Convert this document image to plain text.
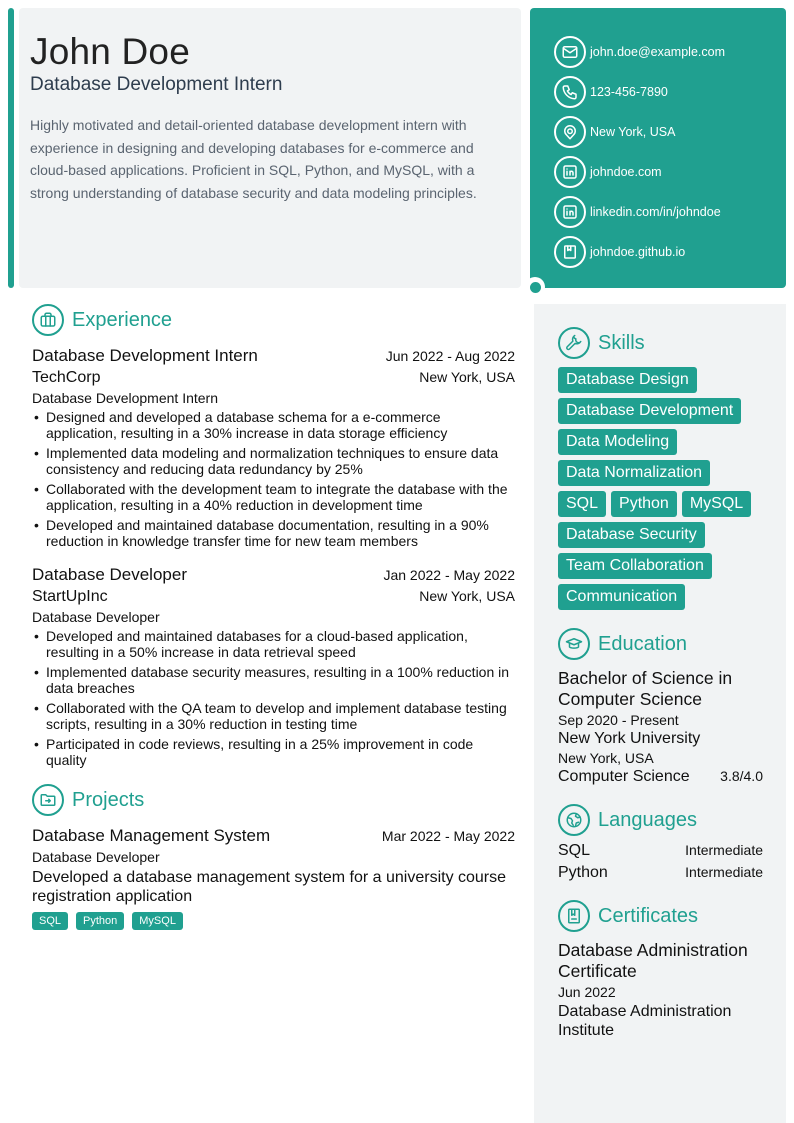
John Doe
Database Development Intern
Highly motivated and detail-oriented database development intern with experience in designing and developing databases for e-commerce and cloud-based applications. Proficient in SQL, Python, and MySQL, with a strong understanding of database security and data modeling principles.
john.doe@example.com
123-456-7890
New York, USA
johndoe.com
linkedin.com/in/johndoe
johndoe.github.io
Experience
Database Development Intern	Jun 2022 - Aug 2022
TechCorp	New York, USA
Database Development Intern
• Designed and developed a database schema for a e-commerce application, resulting in a 30% increase in data storage efficiency
• Implemented data modeling and normalization techniques to ensure data consistency and reducing data redundancy by 25%
• Collaborated with the development team to integrate the database with the application, resulting in a 40% reduction in development time
• Developed and maintained database documentation, resulting in a 90% reduction in knowledge transfer time for new team members
Database Developer	Jan 2022 - May 2022
StartUpInc	New York, USA
Database Developer
• Developed and maintained databases for a cloud-based application, resulting in a 50% increase in data retrieval speed
• Implemented database security measures, resulting in a 100% reduction in data breaches
• Collaborated with the QA team to develop and implement database testing scripts, resulting in a 30% reduction in testing time
• Participated in code reviews, resulting in a 25% improvement in code quality
Projects
Database Management System	Mar 2022 - May 2022
Database Developer
Developed a database management system for a university course registration application
SQL	Python	MySQL
Skills
Database Design
Database Development
Data Modeling
Data Normalization
SQL	Python	MySQL
Database Security
Team Collaboration
Communication
Education
Bachelor of Science in Computer Science
Sep 2020 - Present
New York University
New York, USA
Computer Science 3.8/4.0
Languages
SQL	Intermediate
Python	Intermediate
Certificates
Database Administration Certificate
Jun 2022
Database Administration Institute
